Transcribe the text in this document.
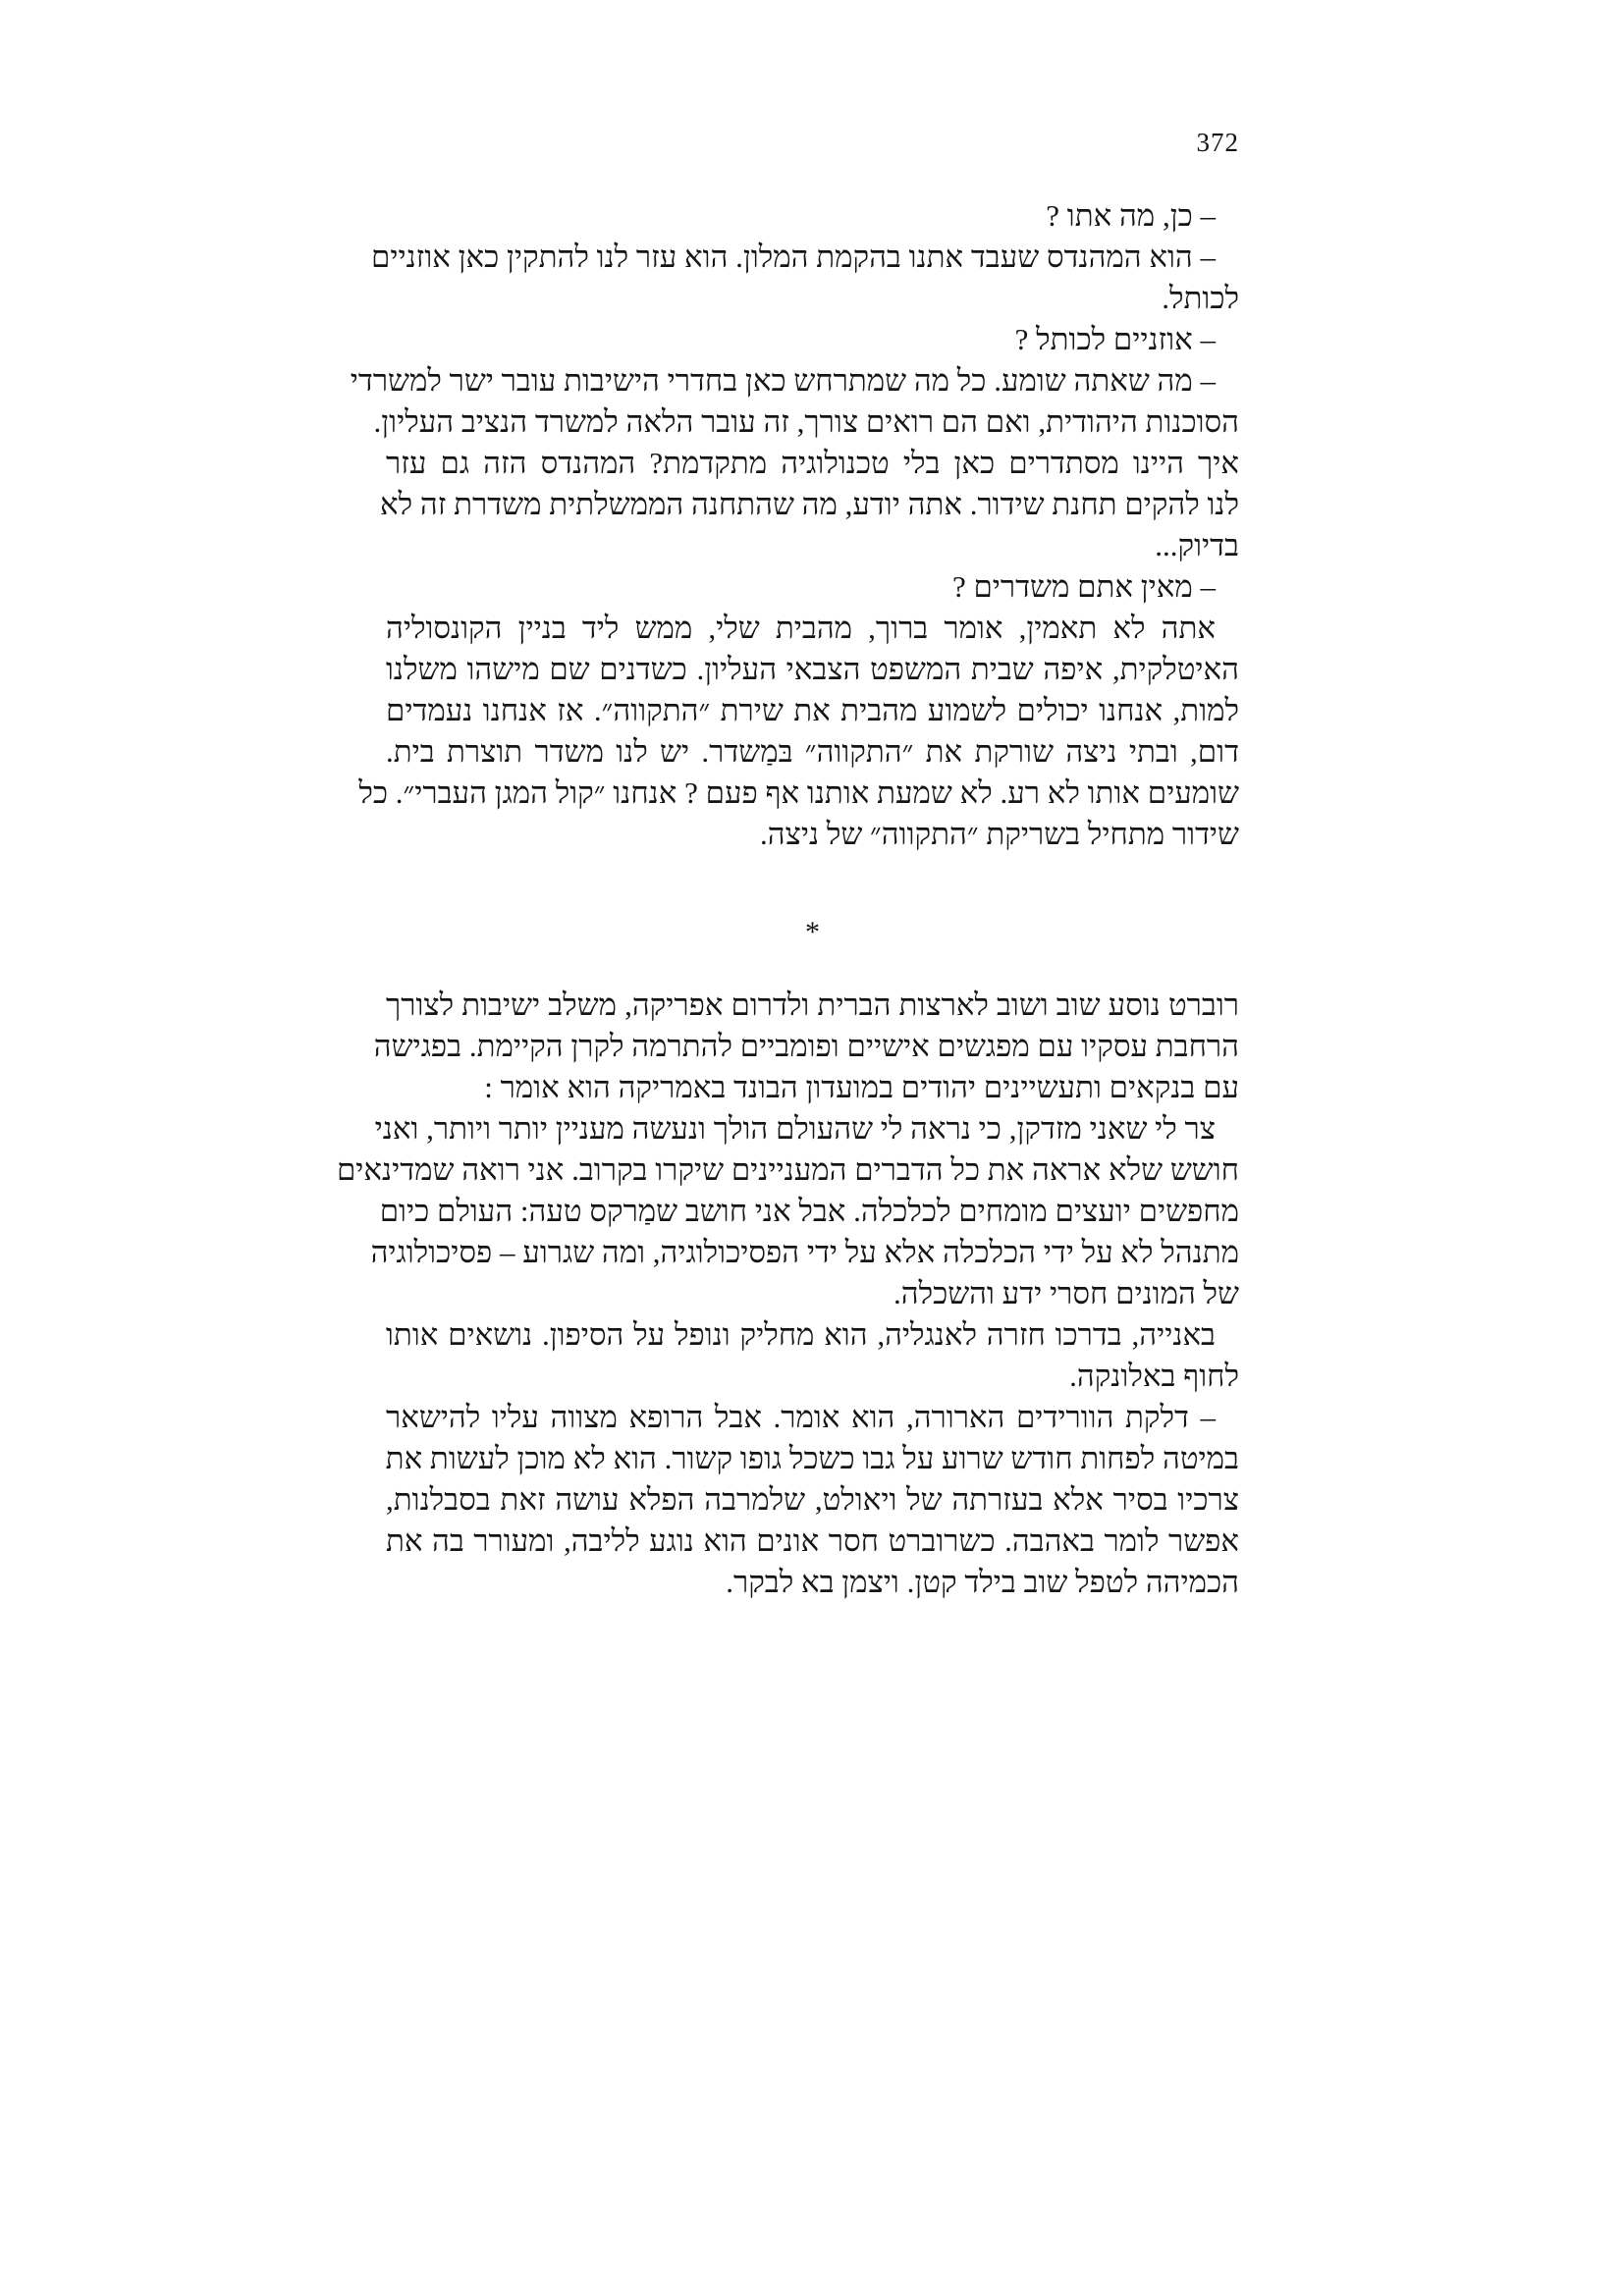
372
– כן, מה אתו ?
– הוא המהנדס שעבד אתנו בהקמת המלון. הוא עזר לנו להתקין כאן אוזניים
לכותל.
– אוזניים לכותל ?
– מה שאתה שומע. כל מה שמתרחש כאן בחדרי הישיבות עובר ישר למשרדי
הסוכנות היהודית, ואם הם רואים צורך, זה עובר הלאה למשרד הנציב העליון.
איך היינו מסתדרים כאן בלי טכנולוגיה מתקדמת? המהנדס הזה גם עזר
לנו להקים תחנת שידור. אתה יודע, מה שהתחנה הממשלתית משדרת זה לא
בדיוק...
– מאין אתם משדרים ?
אתה לא תאמין, אומר ברוך, מהבית שלי, ממש ליד בניין הקונסוליה
האיטלקית, איפה שבית המשפט הצבאי העליון. כשדנים שם מישהו משלנו
למות, אנחנו יכולים לשמוע מהבית את שירת ״התקווה״. אז אנחנו נעמדים
דום, ובתי ניצה שורקת את ״התקווה״ בּמַשדר. יש לנו משדר תוצרת בית.
שומעים אותו לא רע. לא שמעת אותנו אף פעם ? אנחנו ״קול המגן העברי״. כל
שידור מתחיל בשריקת ״התקווה״ של ניצה.
*
רוברט נוסע שוב ושוב לארצות הברית ולדרום אפריקה, משלב ישיבות לצורך
הרחבת עסקיו עם מפגשים אישיים ופומביים להתרמה לקרן הקיימת. בפגישה
עם בנקאים ותעשיינים יהודים במועדון הבונד באמריקה הוא אומר :
צר לי שאני מזדקן, כי נראה לי שהעולם הולך ונעשה מעניין יותר ויותר, ואני
חושש שלא אראה את כל הדברים המעניינים שיקרו בקרוב. אני רואה שמדינאים
מחפשים יועצים מומחים לכלכלה. אבל אני חושב שמַרקס טעה: העולם כיום
מתנהל לא על ידי הכלכלה אלא על ידי הפסיכולוגיה, ומה שגרוע – פסיכולוגיה
של המונים חסרי ידע והשכלה.
באנייה, בדרכו חזרה לאנגליה, הוא מחליק ונופל על הסיפון. נושאים אותו
לחוף באלונקה.
– דלקת הוורידים הארורה, הוא אומר. אבל הרופא מצווה עליו להישאר
במיטה לפחות חודש שרוע על גבו כשכל גופו קשור. הוא לא מוכן לעשות את
צרכיו בסיר אלא בעזרתה של ויאולט, שלמרבה הפלא עושה זאת בסבלנות,
אפשר לומר באהבה. כשרוברט חסר אונים הוא נוגע לליבה, ומעורר בה את
הכמיהה לטפל שוב בילד קטן. ויצמן בא לבקר.
